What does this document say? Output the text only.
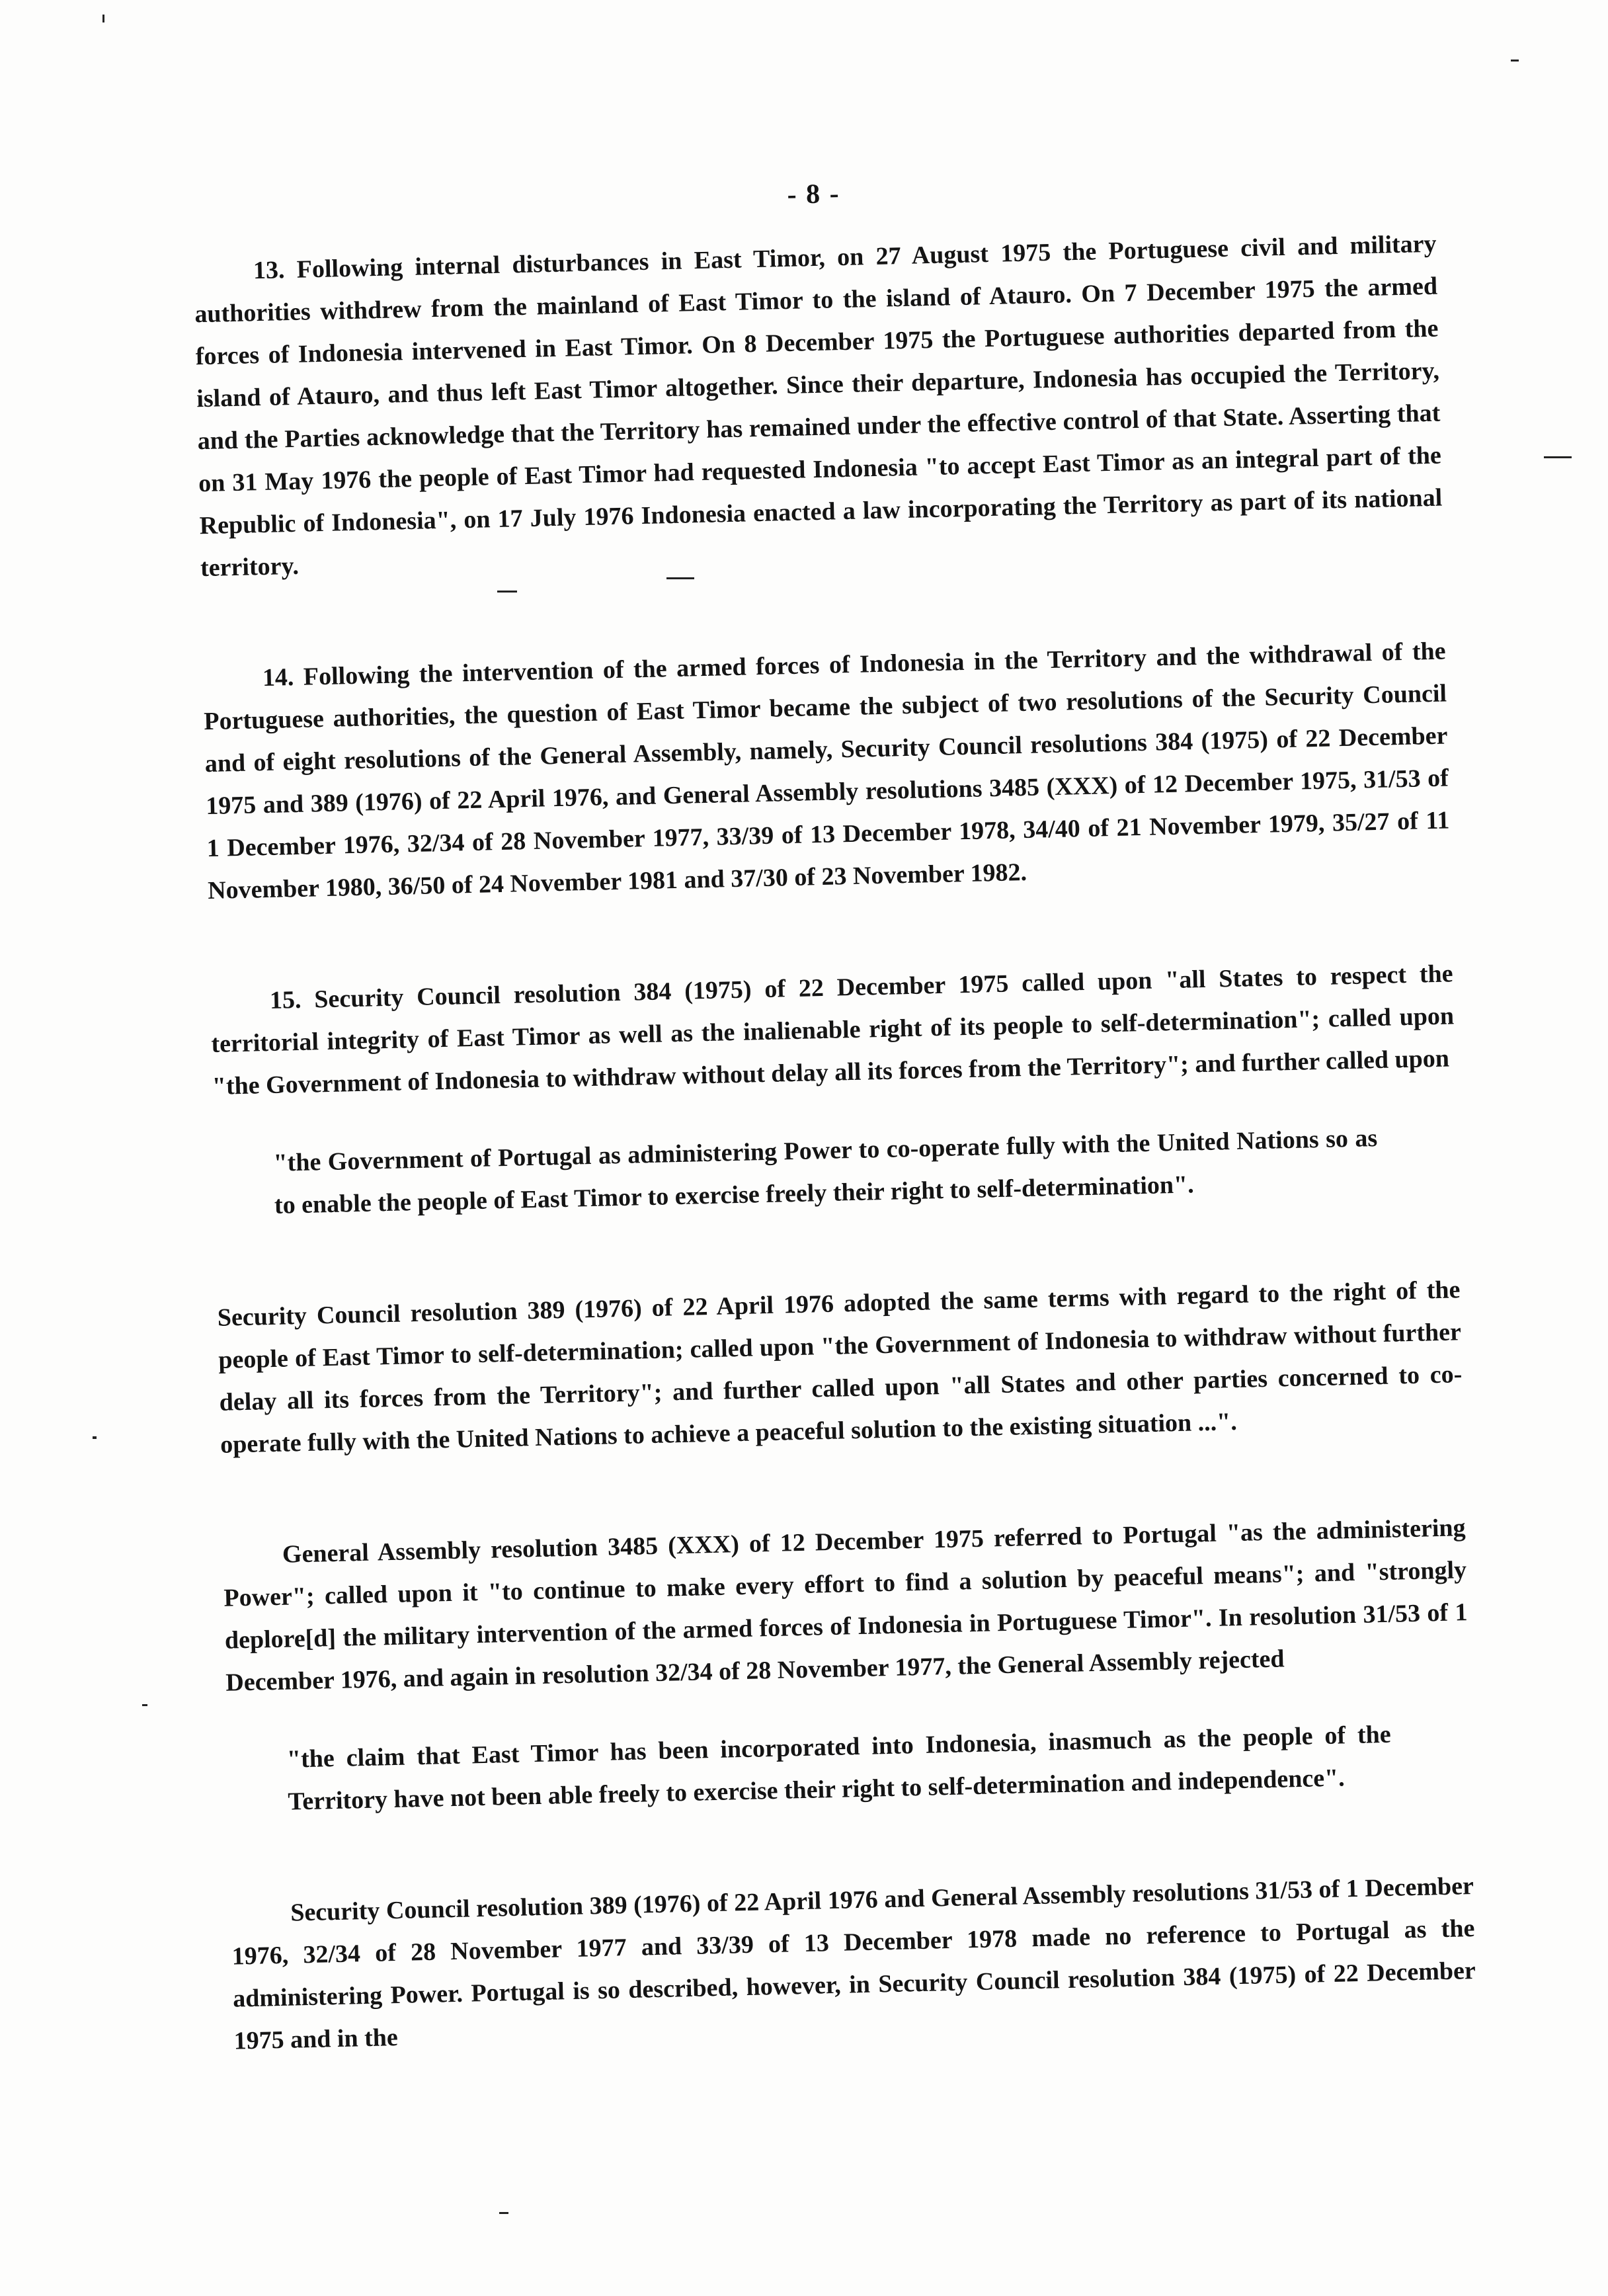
- 8 -

13. Following internal disturbances in East Timor, on 27 August 1975 the Portuguese civil and military authorities withdrew from the mainland of East Timor to the island of Atauro. On 7 December 1975 the armed forces of Indonesia intervened in East Timor. On 8 December 1975 the Portuguese authorities departed from the island of Atauro, and thus left East Timor altogether. Since their departure, Indonesia has occupied the Territory, and the Parties acknowledge that the Territory has remained under the effective control of that State. Asserting that on 31 May 1976 the people of East Timor had requested Indonesia "to accept East Timor as an integral part of the Republic of Indonesia", on 17 July 1976 Indonesia enacted a law incorporating the Territory as part of its national territory.

14. Following the intervention of the armed forces of Indonesia in the Territory and the withdrawal of the Portuguese authorities, the question of East Timor became the subject of two resolutions of the Security Council and of eight resolutions of the General Assembly, namely, Security Council resolutions 384 (1975) of 22 December 1975 and 389 (1976) of 22 April 1976, and General Assembly resolutions 3485 (XXX) of 12 December 1975, 31/53 of 1 December 1976, 32/34 of 28 November 1977, 33/39 of 13 December 1978, 34/40 of 21 November 1979, 35/27 of 11 November 1980, 36/50 of 24 November 1981 and 37/30 of 23 November 1982.

15. Security Council resolution 384 (1975) of 22 December 1975 called upon "all States to respect the territorial integrity of East Timor as well as the inalienable right of its people to self-determination"; called upon "the Government of Indonesia to withdraw without delay all its forces from the Territory"; and further called upon

"the Government of Portugal as administering Power to co-operate fully with the United Nations so as to enable the people of East Timor to exercise freely their right to self-determination".

Security Council resolution 389 (1976) of 22 April 1976 adopted the same terms with regard to the right of the people of East Timor to self-determination; called upon "the Government of Indonesia to withdraw without further delay all its forces from the Territory"; and further called upon "all States and other parties concerned to co-operate fully with the United Nations to achieve a peaceful solution to the existing situation ...".

General Assembly resolution 3485 (XXX) of 12 December 1975 referred to Portugal "as the administering Power"; called upon it "to continue to make every effort to find a solution by peaceful means"; and "strongly deplore[d] the military intervention of the armed forces of Indonesia in Portuguese Timor". In resolution 31/53 of 1 December 1976, and again in resolution 32/34 of 28 November 1977, the General Assembly rejected

"the claim that East Timor has been incorporated into Indonesia, inasmuch as the people of the Territory have not been able freely to exercise their right to self-determination and independence".

Security Council resolution 389 (1976) of 22 April 1976 and General Assembly resolutions 31/53 of 1 December 1976, 32/34 of 28 November 1977 and 33/39 of 13 December 1978 made no reference to Portugal as the administering Power. Portugal is so described, however, in Security Council resolution 384 (1975) of 22 December 1975 and in the
